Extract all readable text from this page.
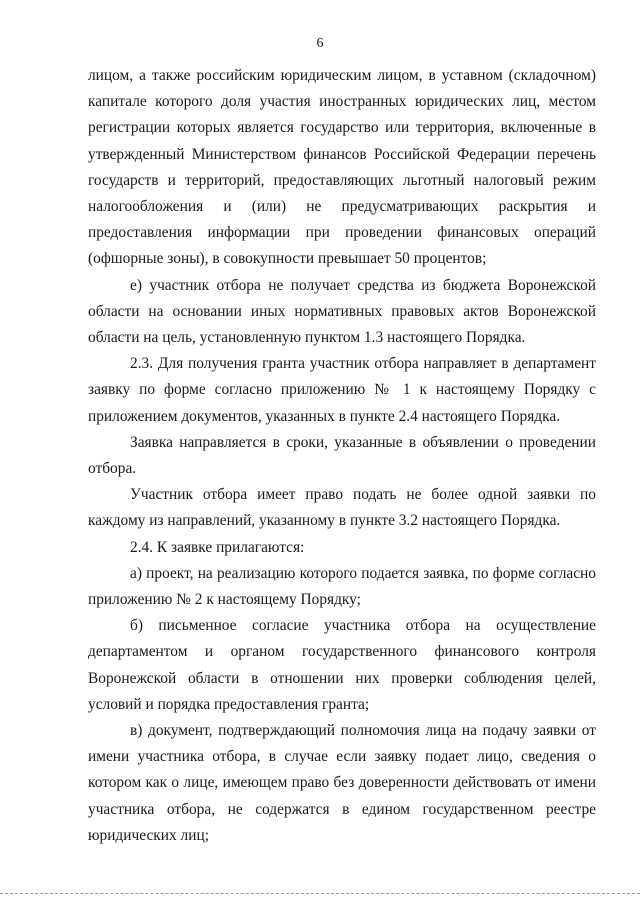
6

лицом, а также российским юридическим лицом, в уставном (складочном) капитале которого доля участия иностранных юридических лиц, местом регистрации которых является государство или территория, включенные в утвержденный Министерством финансов Российской Федерации перечень государств и территорий, предоставляющих льготный налоговый режим налогообложения и (или) не предусматривающих раскрытия и предоставления информации при проведении финансовых операций (офшорные зоны), в совокупности превышает 50 процентов;

е) участник отбора не получает средства из бюджета Воронежской области на основании иных нормативных правовых актов Воронежской области на цель, установленную пунктом 1.3 настоящего Порядка.

2.3. Для получения гранта участник отбора направляет в департамент заявку по форме согласно приложению № 1 к настоящему Порядку с приложением документов, указанных в пункте 2.4 настоящего Порядка.

Заявка направляется в сроки, указанные в объявлении о проведении отбора.

Участник отбора имеет право подать не более одной заявки по каждому из направлений, указанному в пункте 3.2 настоящего Порядка.

2.4. К заявке прилагаются:

а) проект, на реализацию которого подается заявка, по форме согласно приложению № 2 к настоящему Порядку;

б) письменное согласие участника отбора на осуществление департаментом и органом государственного финансового контроля Воронежской области в отношении них проверки соблюдения целей, условий и порядка предоставления гранта;

в) документ, подтверждающий полномочия лица на подачу заявки от имени участника отбора, в случае если заявку подает лицо, сведения о котором как о лице, имеющем право без доверенности действовать от имени участника отбора, не содержатся в едином государственном реестре юридических лиц;
